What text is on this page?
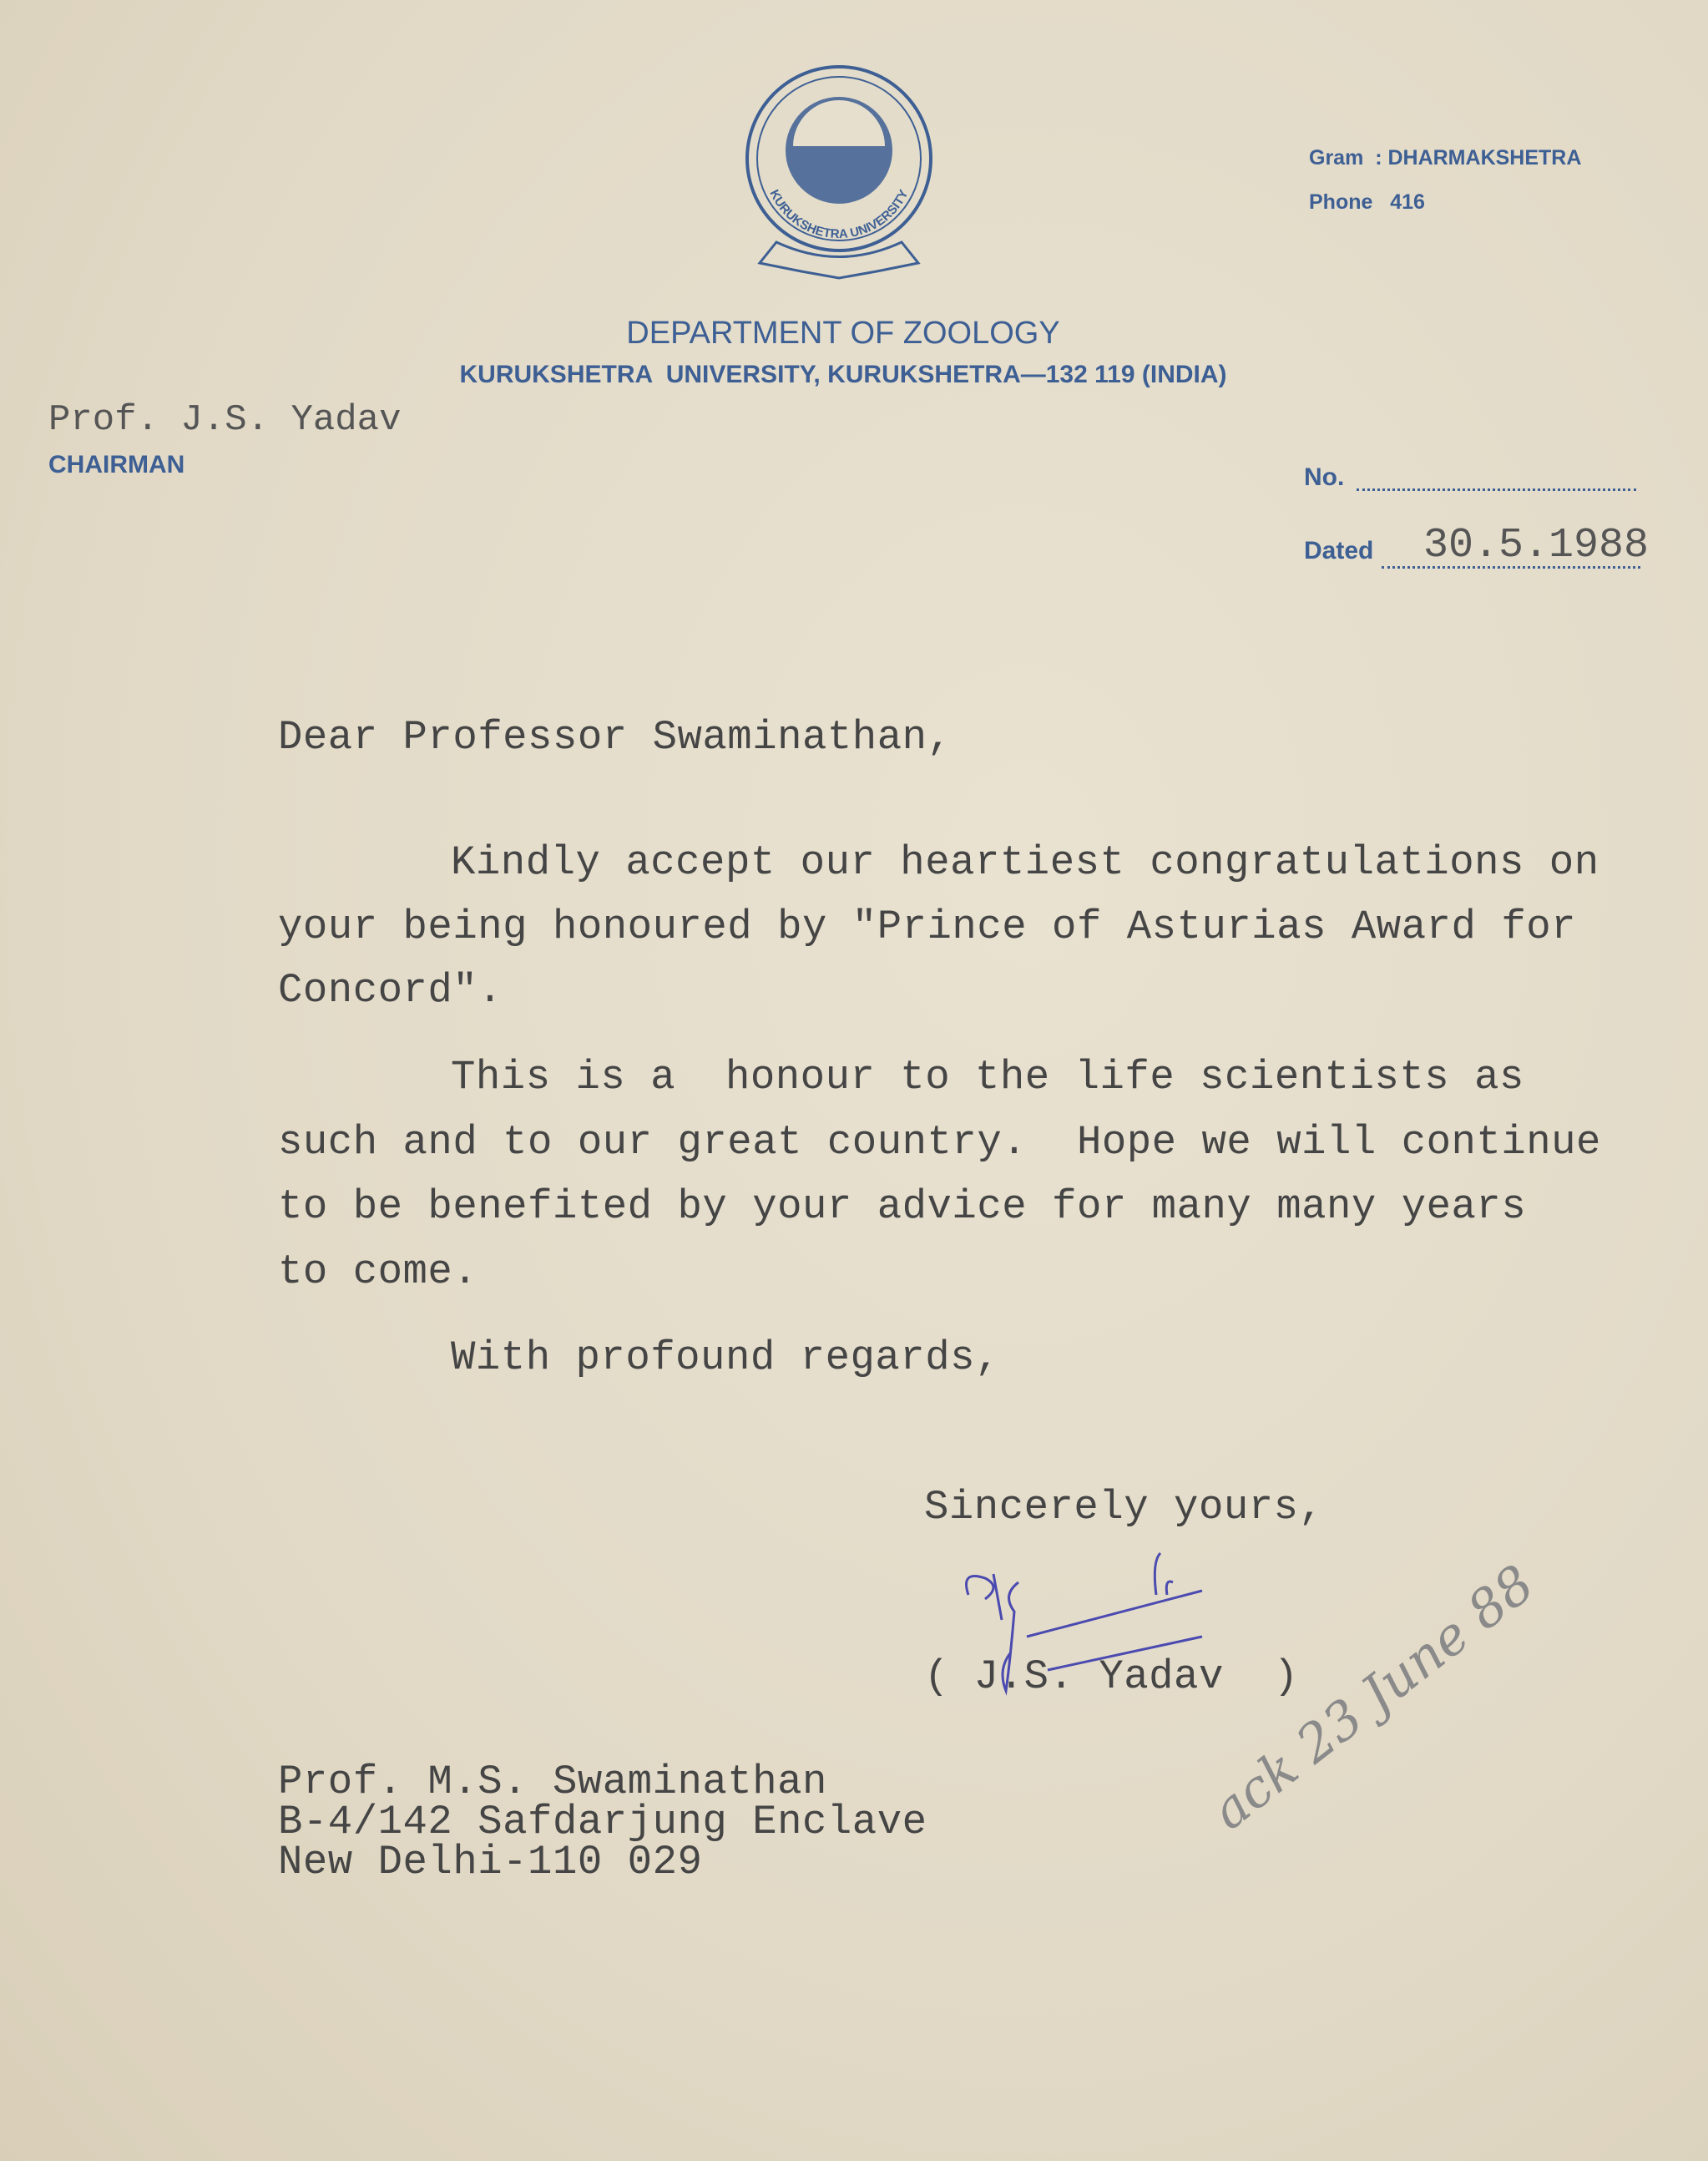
KURUKSHETRA UNIVERSITY
Gram  : DHARMAKSHETRA
Phone   416
DEPARTMENT OF ZOOLOGY
KURUKSHETRA  UNIVERSITY, KURUKSHETRA—132 119 (INDIA)
Prof. J.S. Yadav
CHAIRMAN	No.
Dated 30.5.1988
Dear Professor Swaminathan,
Kindly accept our heartiest congratulations on
your being honoured by "Prince of Asturias Award for
Concord".
This is a  honour to the life scientists as
such and to our great country.  Hope we will continue
to be benefited by your advice for many many years
to come.
With profound regards,
Sincerely yours,
( J.S. Yadav  )
Prof. M.S. Swaminathan
B-4/142 Safdarjung Enclave
New Delhi-110 029
ack 23 June 88
